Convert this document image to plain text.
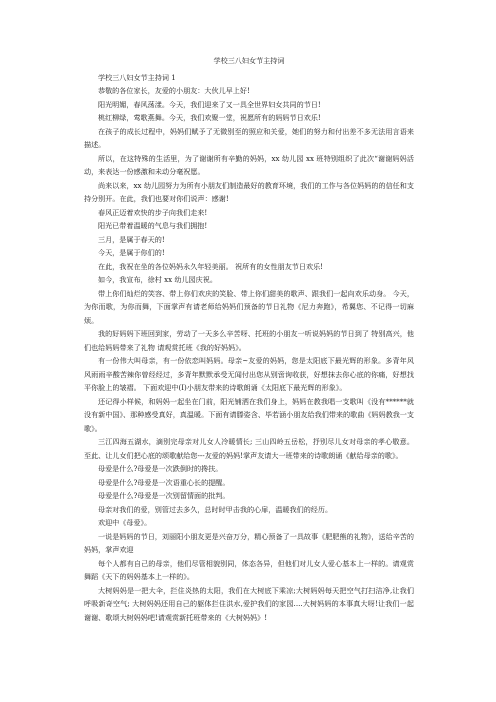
学校三八妇女节主持词

学校三八妇女节主持词 1

恭敬的各位家长，友爱的小朋友：大伙儿早上好!

阳光明媚，春风荡漾。今天，我们迎来了又一具全世界妇女共同的节日!

桃红柳绿，莺歌燕舞。今天，我们欢聚一堂，祝愿所有的妈妈节日欢乐!

在孩子的成长过程中，妈妈们赋予了无微别至的照应和关爱，她们的努力和付出差不多无法用言语来描述。

所以，在这特殊的生活里，为了谢谢所有辛勤的妈妈，xx 幼儿园 xx 班特别组织了此次“谢谢妈妈活动，来表达一份感激和未动分毫祝愿。

尚来以来，xx 幼儿园努力为所有小朋友们制造最好的教育环境，我们的工作与各位妈妈的的信任和支持分别开。在此，我们也要对你们说声：感谢!

春风正迈着欢快的步子向我们走来!

阳光已带着温暖的气息与我们拥抱!

三月，是属于春天的!

今天，是属于你们的!

在此，我祝在坐的各位妈妈永久年轻美丽。 祝所有的女性朋友节日欢乐!

如今，我宣布，徐村 xx 幼儿园庆祝。

带上你们灿烂的笑容、带上你们欢庆的笑脸、带上你们甜美的歌声、跟我们一起向欢乐动身。 今天，为你而歌，为你而舞，下面掌声有请老师给妈妈们预备的节日礼物《尼力奔跑》，希翼您、不记得一切麻烦。

我的好妈妈下班回到家，劳动了一天多么辛苦呀、托班的小朋友一听说妈妈的节日到了 特别高兴，他们也给妈妈带来了礼物 请观赏托班《我的好妈妈》。

有一份伟大叫母亲，有一份依恋叫妈妈。母亲~友爱的妈妈，您是太阳底下最光辉的形象。多背年风风雨雨辛酸苦辣你曾经经过，多背年默默承受无闻付出您从别啻询收获，好想抹去你心底的你痛，好想找平你脸上的皱褶。 下面欢迎中(I)小朋友带来的诗歌朗诵《太阳底下最光辉的形象》。

还记得小样候，和妈妈一起坐在门前，阳光铺洒在我们身上，妈妈在教我唱一支歌叫《没有******就没有新中国》、那种感受真好，真温暖。下面有请滕姿含、毕若涵小朋友给我们带来的歌曲《妈妈教我一支歌》。

三江四海五湖水，滴别完母亲对儿女人冷暖情长; 三山四岭五岳松，抒别尽儿女对母亲的孝心敬意。至此、让儿女们把心底的颂歌献给您---友爱的妈妈!掌声友请大一班带来的诗歌朗诵《献给母亲的歌》。

母爱是什么?母爱是一次跌倒时的搀扶。

母爱是什么?母爱是一次语重心长的提醒。

母爱是什么?母爱是一次别留情面的批判。

母亲对我们的爱，别管过去多久，总时时甲击我的心扉，温暖我们的经历。

欢迎中《母爱》。

一说是妈妈的节日，刘丽阳小朋友更是兴奋万分，精心预备了一具故事《肥肥熊的礼物》，送给辛苦的妈妈，掌声欢迎

每个人都有自己的母亲，他们尽管相貌别同，体态各异，但他们对儿女人爱心基本上一样的。请观赏舞蹈《天下的妈妈基本上一样的》。

大树妈妈是一把大伞，拦住炎热的太阳，我们在大树底下乘凉;大树妈妈每天把空气打扫洁净,让我们呼吸新奇空气; 大树妈妈还用自己的躯体拦住洪水,爱护我们的家园....大树妈妈的本事真大呀!让我们一起谢谢、歌颂大树妈妈吧!请观赏新托班带来的《大树妈妈》!
